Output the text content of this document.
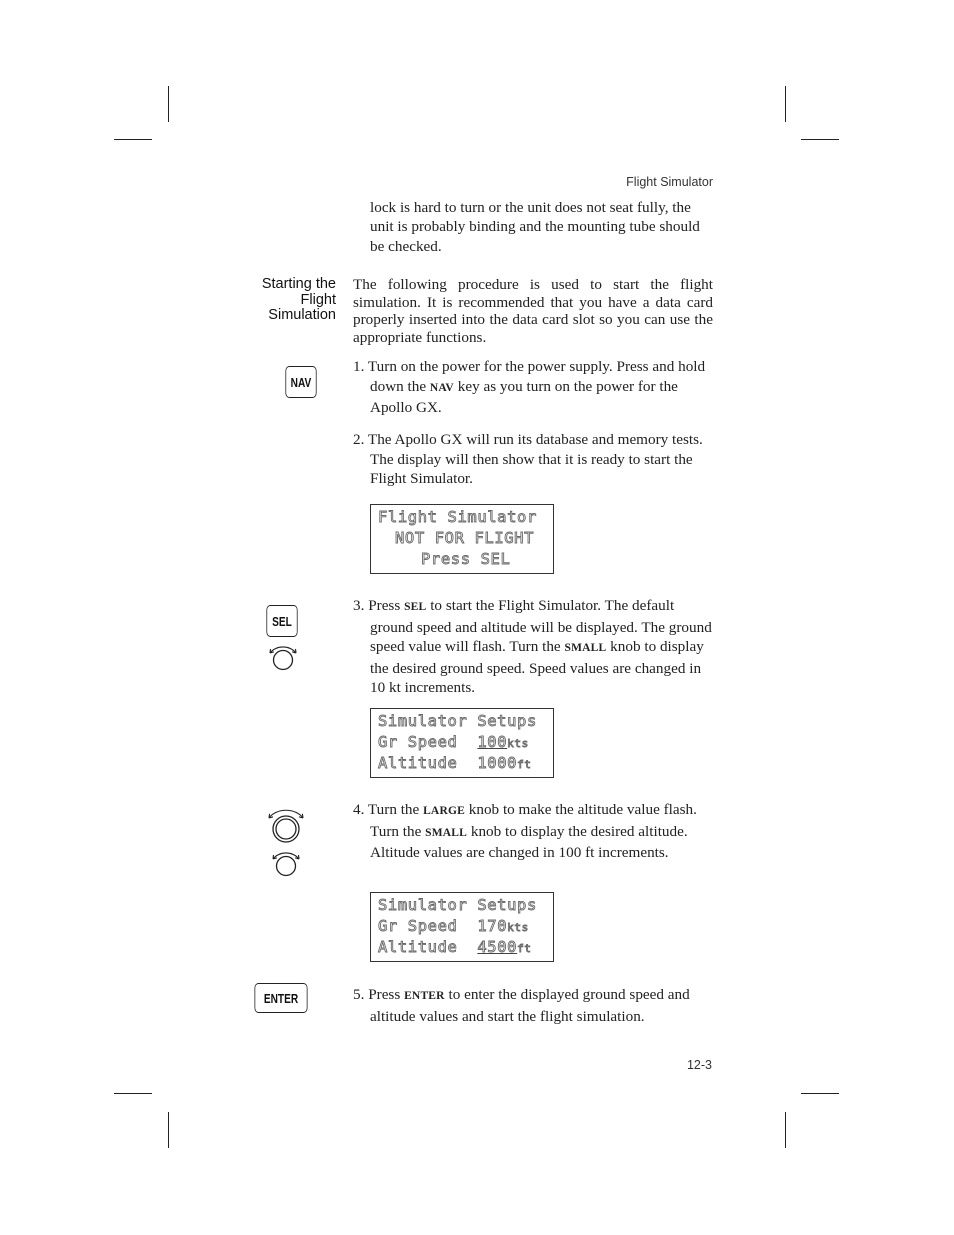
Flight Simulator
lock is hard to turn or the unit does not seat fully, the unit is probably binding and the mounting tube should be checked.
Starting the
Flight
Simulation
The following procedure is used to start the flight simulation. It is recommended that you have a data card properly inserted into the data card slot so you can use the appropriate functions.
NAV
1. Turn on the power for the power supply. Press and hold down the NAV key as you turn on the power for the Apollo GX.
2. The Apollo GX will run its database and memory tests. The display will then show that it is ready to start the Flight Simulator.
Flight Simulator
NOT FOR FLIGHT
Press SEL
SEL
3. Press SEL to start the Flight Simulator. The default ground speed and altitude will be displayed. The ground speed value will flash. Turn the SMALL knob to display the desired ground speed. Speed values are changed in 10 kt increments.
Simulator Setups
Gr Speed 100kts
Altitude 1000ft
4. Turn the LARGE knob to make the altitude value flash. Turn the SMALL knob to display the desired altitude. Altitude values are changed in 100 ft increments.
Simulator Setups
Gr Speed 170kts
Altitude 4500ft
ENTER	5. Press ENTER to enter the displayed ground speed and altitude values and start the flight simulation.
12-3
